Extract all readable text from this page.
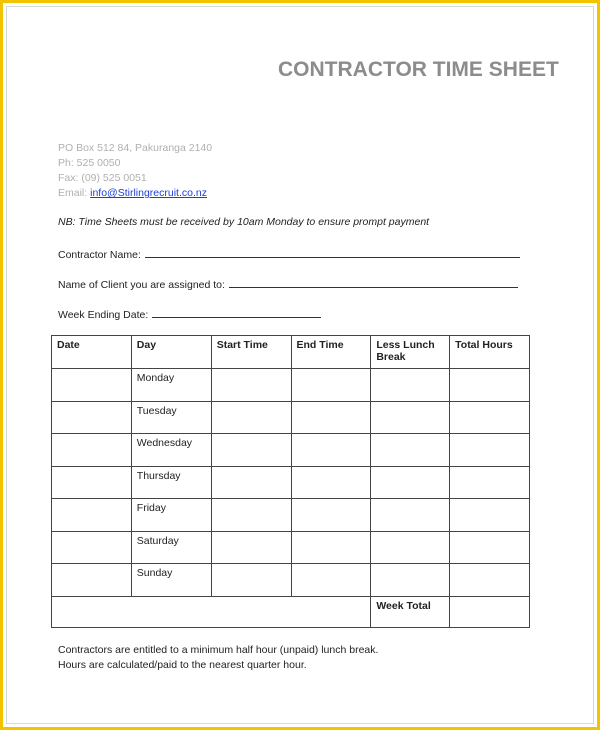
CONTRACTOR TIME SHEET
PO Box 512 84, Pakuranga 2140
Ph: 525 0050
Fax: (09) 525 0051
Email: info@Stirlingrecruit.co.nz
NB: Time Sheets must be received by 10am Monday to ensure prompt payment
Contractor Name:
Name of Client you are assigned to:
Week Ending Date:
Date	Day	Start Time	End Time	Less Lunch Break	Total Hours
	Monday				
	Tuesday				
	Wednesday				
	Thursday				
	Friday				
	Saturday				
	Sunday				
				Week Total	
Contractors are entitled to a minimum half hour (unpaid) lunch break.
Hours are calculated/paid to the nearest quarter hour.
